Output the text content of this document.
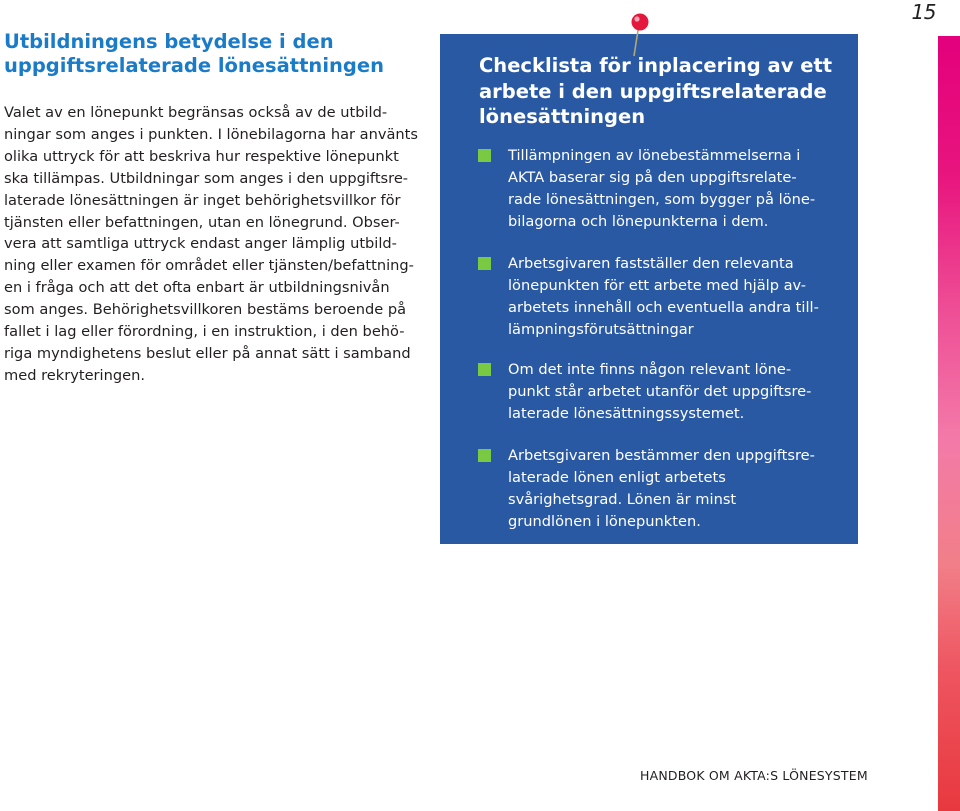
15
Utbildningens betydelse i den
uppgiftsrelaterade lönesättningen
Valet av en lönepunkt begränsas också av de utbild-
ningar som anges i punkten. I lönebilagorna har använts
olika uttryck för att beskriva hur respektive lönepunkt
ska tillämpas. Utbildningar som anges i den uppgiftsre-
laterade lönesättningen är inget behörighetsvillkor för
tjänsten eller befattningen, utan en lönegrund. Obser-
vera att samtliga uttryck endast anger lämplig utbild-
ning eller examen för området eller tjänsten/befattning-
en i fråga och att det ofta enbart är utbildningsnivån
som anges. Behörighetsvillkoren bestäms beroende på
fallet i lag eller förordning, i en instruktion, i den behö-
riga myndighetens beslut eller på annat sätt i samband
med rekryteringen.
Checklista för inplacering av ett
arbete i den uppgiftsrelaterade
lönesättningen
Tillämpningen av lönebestämmelserna i
AKTA baserar sig på den uppgiftsrelate-
rade lönesättningen, som bygger på löne-
bilagorna och lönepunkterna i dem.
Arbetsgivaren fastställer den relevanta
lönepunkten för ett arbete med hjälp av-
arbetets innehåll och eventuella andra till-
lämpningsförutsättningar
Om det inte finns någon relevant löne-
punkt står arbetet utanför det uppgiftsre-
laterade lönesättningssystemet.
Arbetsgivaren bestämmer den uppgiftsre-
laterade lönen enligt arbetets
svårighetsgrad. Lönen är minst
grundlönen i lönepunkten.
HANDBOK OM AKTA:S LÖNESYSTEM
